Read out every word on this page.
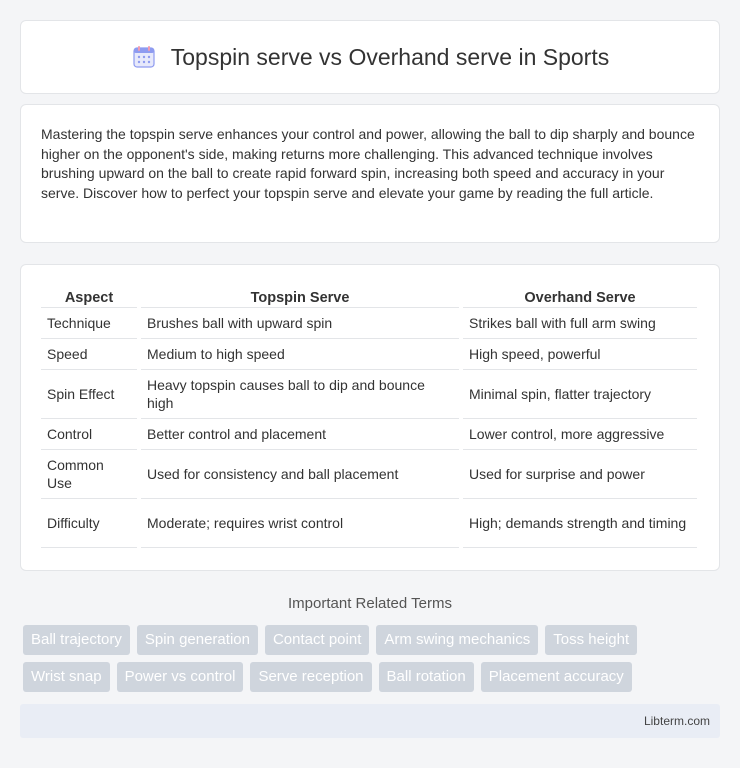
Topspin serve vs Overhand serve in Sports

Mastering the topspin serve enhances your control and power, allowing the ball to dip sharply and bounce higher on the opponent's side, making returns more challenging. This advanced technique involves brushing upward on the ball to create rapid forward spin, increasing both speed and accuracy in your serve. Discover how to perfect your topspin serve and elevate your game by reading the full article.

Aspect		Topspin Serve		Overhand Serve
Technique		Brushes ball with upward spin		Strikes ball with full arm swing
Speed		Medium to high speed		High speed, powerful
Spin Effect		Heavy topspin causes ball to dip and bounce high		Minimal spin, flatter trajectory
Control		Better control and placement		Lower control, more aggressive
Common Use		Used for consistency and ball placement		Used for surprise and power
Difficulty		Moderate; requires wrist control		High; demands strength and timing
Important Related Terms
Ball trajectory	Spin generation	Contact point	Arm swing mechanics	Toss height
Wrist snap	Power vs control	Serve reception	Ball rotation	Placement accuracy
Libterm.com
